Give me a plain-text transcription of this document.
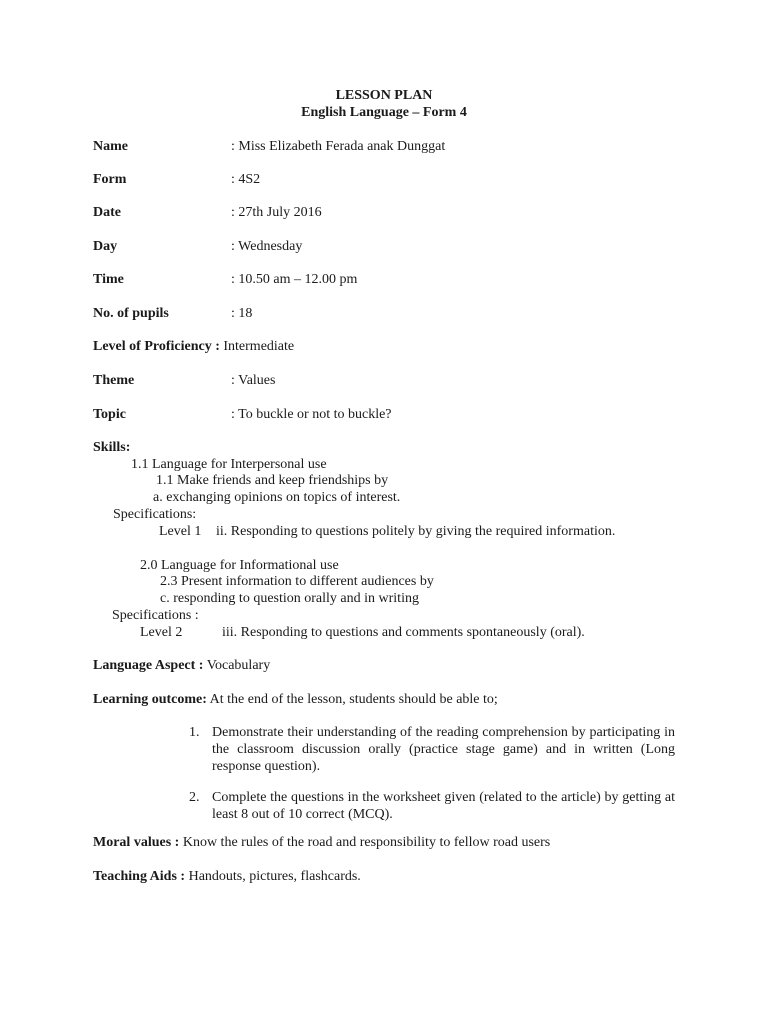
LESSON PLAN
English Language – Form 4
Name	: Miss Elizabeth Ferada anak Dunggat
Form	: 4S2
Date	: 27th July 2016
Day	: Wednesday
Time	: 10.50 am – 12.00 pm
No. of pupils	: 18
Level of Proficiency : Intermediate
Theme	: Values
Topic	: To buckle or not to buckle?
Skills:
1.1 Language for Interpersonal use
1.1 Make friends and keep friendships by
a. exchanging opinions on topics of interest.
Specifications:
Level 1 ii. Responding to questions politely by giving the required information.
2.0 Language for Informational use
2.3 Present information to different audiences by
c. responding to question orally and in writing
Specifications :
Level 2	iii. Responding to questions and comments spontaneously (oral).
Language Aspect : Vocabulary
Learning outcome: At the end of the lesson, students should be able to;
1. Demonstrate their understanding of the reading comprehension by participating in the classroom discussion orally (practice stage game) and in written (Long response question).
2. Complete the questions in the worksheet given (related to the article) by getting at least 8 out of 10 correct (MCQ).
Moral values : Know the rules of the road and responsibility to fellow road users
Teaching Aids : Handouts, pictures, flashcards.
